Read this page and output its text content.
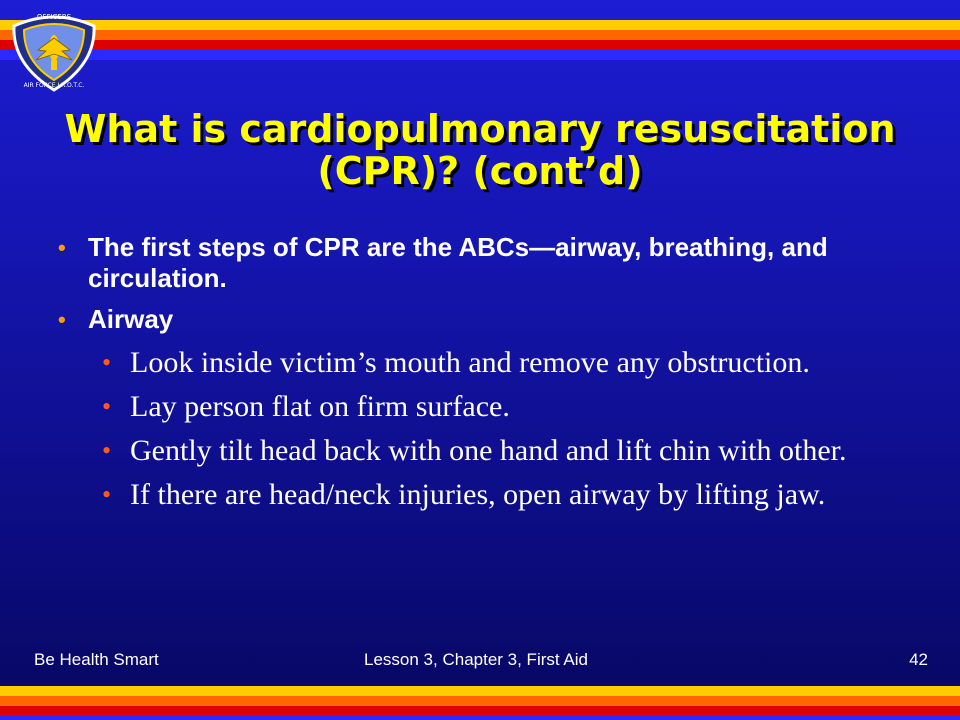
OFFICERS
AIR FORCE J.R.O.T.C.
What is cardiopulmonary resuscitation (CPR)? (cont’d)
• The first steps of CPR are the ABCs—airway, breathing, and circulation.
• Airway
• Look inside victim’s mouth and remove any obstruction.
• Lay person flat on firm surface.
• Gently tilt head back with one hand and lift chin with other.
• If there are head/neck injuries, open airway by lifting jaw.
Be Health Smart	Lesson 3, Chapter 3, First Aid	42
